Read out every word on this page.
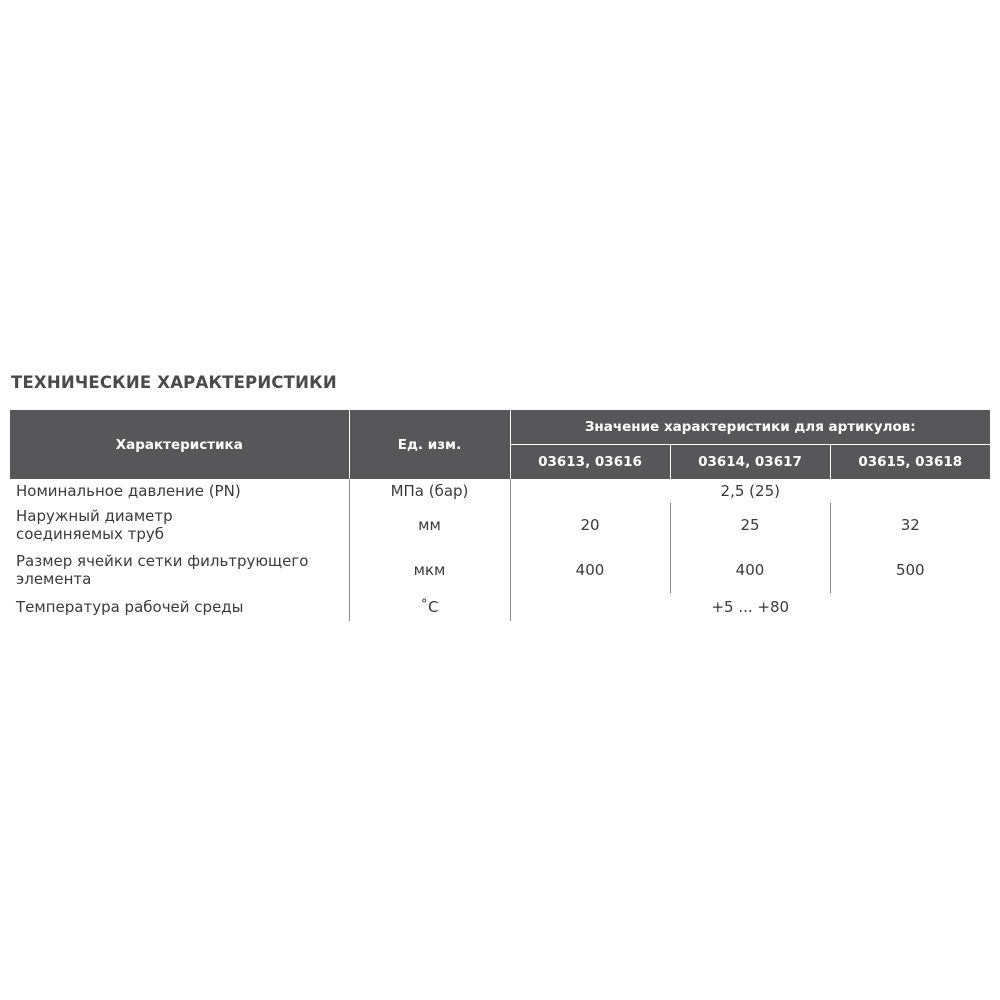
ТЕХНИЧЕСКИЕ ХАРАКТЕРИСТИКИ
Характеристика	Ед. изм.	Значение характеристики для артикулов:		
		03613, 03616	03614, 03617	03615, 03618
Номинальное давление (PN)	МПа (бар)	2,5 (25)		

Наружный диаметр
соединяемых труб	мм	20	25	32

Размер ячейки сетки фильтрующего
элемента	мкм	400	400	500
Температура рабочей среды	˚С	+5 ... +80		
